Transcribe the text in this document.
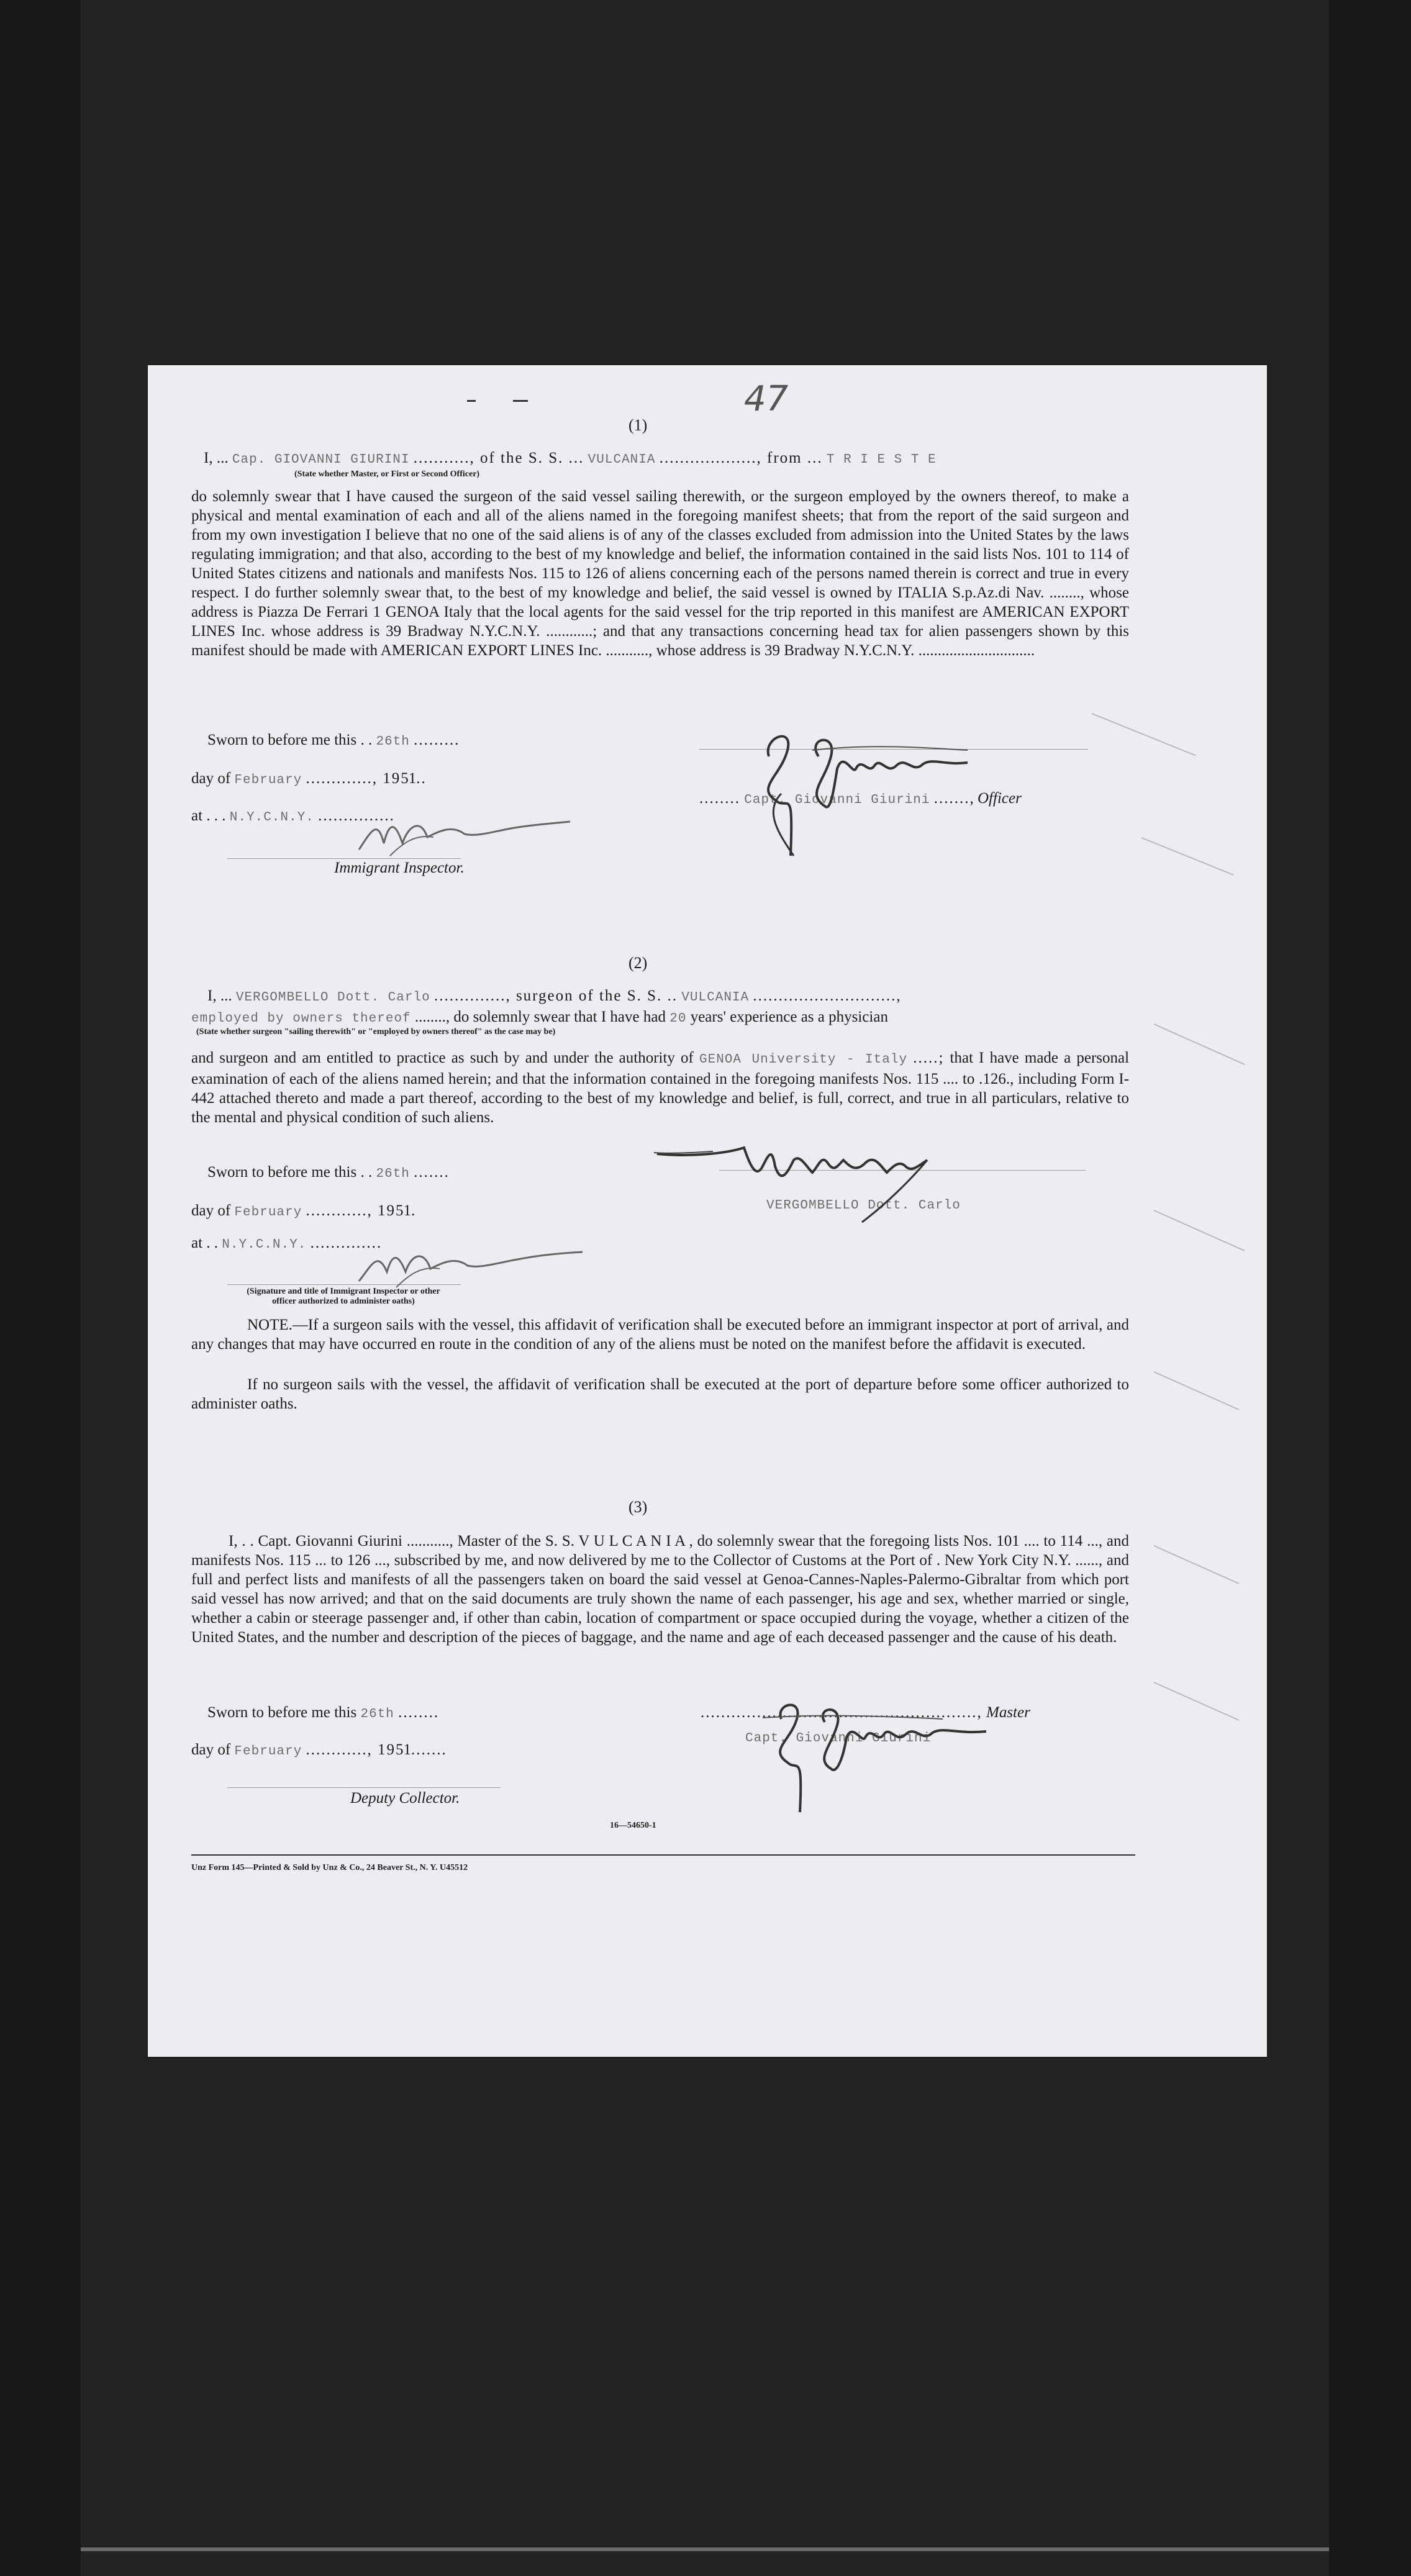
47
(1)
I, ... Cap. GIOVANNI GIURINI ..........., of the S. S. ... VULCANIA ..................., from ... T R I E S T E
(State whether Master, or First or Second Officer)
do solemnly swear that I have caused the surgeon of the said vessel sailing therewith, or the surgeon employed by the owners thereof, to make a physical and mental examination of each and all of the aliens named in the foregoing manifest sheets; that from the report of the said surgeon and from my own investigation I believe that no one of the said aliens is of any of the classes excluded from admission into the United States by the laws regulating immigration; and that also, according to the best of my knowledge and belief, the information contained in the said lists Nos. 101 to 114 of United States citizens and nationals and manifests Nos. 115 to 126 of aliens concerning each of the persons named therein is correct and true in every respect. I do further solemnly swear that, to the best of my knowledge and belief, the said vessel is owned by ITALIA S.p.Az.di Nav. ........, whose address is Piazza De Ferrari 1 GENOA Italy that the local agents for the said vessel for the trip reported in this manifest are AMERICAN EXPORT LINES Inc. whose address is 39 Bradway N.Y.C.N.Y. ............; and that any transactions concerning head tax for alien passengers shown by this manifest should be made with AMERICAN EXPORT LINES Inc. ..........., whose address is 39 Bradway N.Y.C.N.Y. ..............................
Sworn to before me this . . 26th .........
day of February ............., 1951..
........ Capt. Giovanni Giurini ......., Officer
at . . . N.Y.C.N.Y. ...............
Immigrant Inspector.
(2)
I, ... VERGOMBELLO Dott. Carlo .............., surgeon of the S. S. .. VULCANIA ............................,
employed by owners thereof ........, do solemnly swear that I have had 20 years' experience as a physician
(State whether surgeon "sailing therewith" or "employed by owners thereof" as the case may be)
and surgeon and am entitled to practice as such by and under the authority of GENOA University - Italy .....; that I have made a personal examination of each of the aliens named herein; and that the information contained in the foregoing manifests Nos. 115 .... to .126., including Form I-442 attached thereto and made a part thereof, according to the best of my knowledge and belief, is full, correct, and true in all particulars, relative to the mental and physical condition of such aliens.
Sworn to before me this . . 26th .......
day of February ............, 1951.	VERGOMBELLO Dott. Carlo
at . . N.Y.C.N.Y. ..............
(Signature and title of Immigrant Inspector or other officer authorized to administer oaths)
NOTE.—If a surgeon sails with the vessel, this affidavit of verification shall be executed before an immigrant inspector at port of arrival, and any changes that may have occurred en route in the condition of any of the aliens must be noted on the manifest before the affidavit is executed.
If no surgeon sails with the vessel, the affidavit of verification shall be executed at the port of departure before some officer authorized to administer oaths.
(3)
I, . . Capt. Giovanni Giurini ..........., Master of the S. S. V U L C A N I A , do solemnly swear that the foregoing lists Nos. 101 .... to 114 ..., and manifests Nos. 115 ... to 126 ..., subscribed by me, and now delivered by me to the Collector of Customs at the Port of . New York City N.Y. ......, and full and perfect lists and manifests of all the passengers taken on board the said vessel at Genoa-Cannes-Naples-Palermo-Gibraltar from which port said vessel has now arrived; and that on the said documents are truly shown the name of each passenger, his age and sex, whether married or single, whether a cabin or steerage passenger and, if other than cabin, location of compartment or space occupied during the voyage, whether a citizen of the United States, and the number and description of the pieces of baggage, and the name and age of each deceased passenger and the cause of his death.
Sworn to before me this 26th ........	......................................................, Master
Capt. Giovanni Giurini
day of February ............, 1951.......
Deputy Collector.
16—54650-1
Unz Form 145—Printed & Sold by Unz & Co., 24 Beaver St., N. Y. U45512
